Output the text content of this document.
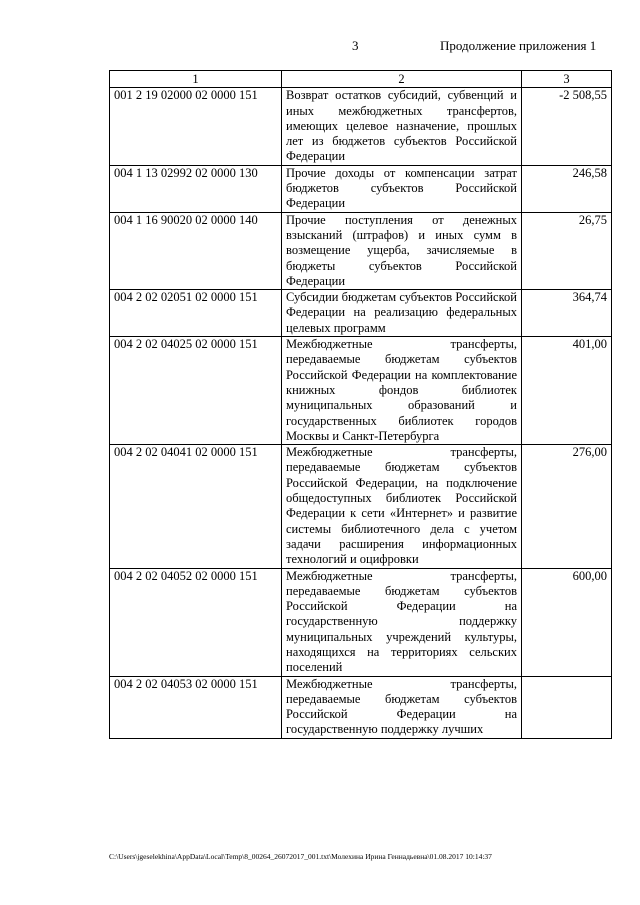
3	Продолжение приложения 1
1	2	3
001 2 19 02000 02 0000 151	Возврат остатков субсидий, субвенций и иных межбюджетных трансфертов, имеющих целевое назначение, прошлых лет из бюджетов субъектов Российской Федерации	-2 508,55
004 1 13 02992 02 0000 130	Прочие доходы от компенсации затрат бюджетов субъектов Российской Федерации	246,58
004 1 16 90020 02 0000 140	Прочие поступления от денежных взысканий (штрафов) и иных сумм в возмещение ущерба, зачисляемые в бюджеты субъектов Российской Федерации	26,75
004 2 02 02051 02 0000 151	Субсидии бюджетам субъектов Российской Федерации на реализацию федеральных целевых программ	364,74
004 2 02 04025 02 0000 151	Межбюджетные трансферты, передаваемые бюджетам субъектов Российской Федерации на комплектование книжных фондов библиотек муниципальных образований и государственных библиотек городов Москвы и Санкт-Петербурга	401,00
004 2 02 04041 02 0000 151	Межбюджетные трансферты, передаваемые бюджетам субъектов Российской Федерации, на подключение общедоступных библиотек Российской Федерации к сети «Интернет» и развитие системы библиотечного дела с учетом задачи расширения информационных технологий и оцифровки	276,00
004 2 02 04052 02 0000 151	Межбюджетные трансферты, передаваемые бюджетам субъектов Российской Федерации на государственную поддержку муниципальных учреждений культуры, находящихся на территориях сельских поселений	600,00
004 2 02 04053 02 0000 151	Межбюджетные трансферты, передаваемые бюджетам субъектов Российской Федерации на государственную поддержку лучших	
C:\Users\jgeselekhina\AppData\Local\Temp\8_00264_26072017_001.txt\Молехина Ирина Геннадьевна\01.08.2017 10:14:37
